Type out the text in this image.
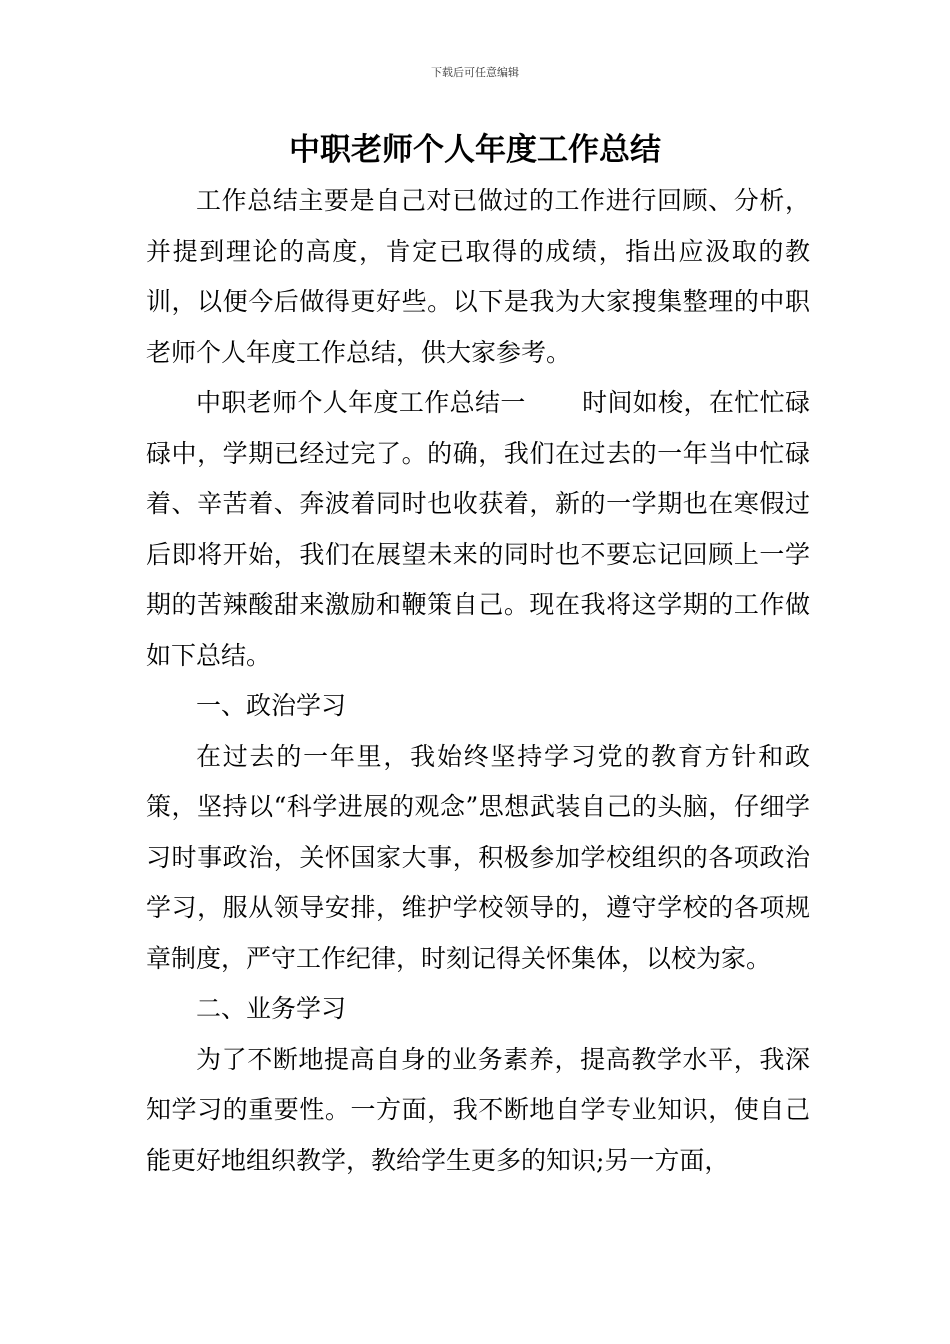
下载后可任意编辑
中职老师个人年度工作总结

工作总结主要是自己对已做过的工作进行回顾、分析，并提到理论的高度，肯定已取得的成绩，指出应汲取的教训，以便今后做得更好些。以下是我为大家搜集整理的中职老师个人年度工作总结，供大家参考。

中职老师个人年度工作总结一 时间如梭，在忙忙碌碌中，学期已经过完了。的确，我们在过去的一年当中忙碌着、辛苦着、奔波着同时也收获着，新的一学期也在寒假过后即将开始，我们在展望未来的同时也不要忘记回顾上一学期的苦辣酸甜来激励和鞭策自己。现在我将这学期的工作做如下总结。

一、政治学习

在过去的一年里，我始终坚持学习党的教育方针和政策，坚持以“科学进展的观念”思想武装自己的头脑，仔细学习时事政治，关怀国家大事，积极参加学校组织的各项政治学习，服从领导安排，维护学校领导的，遵守学校的各项规章制度，严守工作纪律，时刻记得关怀集体，以校为家。

二、业务学习

为了不断地提高自身的业务素养，提高教学水平，我深知学习的重要性。一方面，我不断地自学专业知识，使自己能更好地组织教学，教给学生更多的知识;另一方面，
